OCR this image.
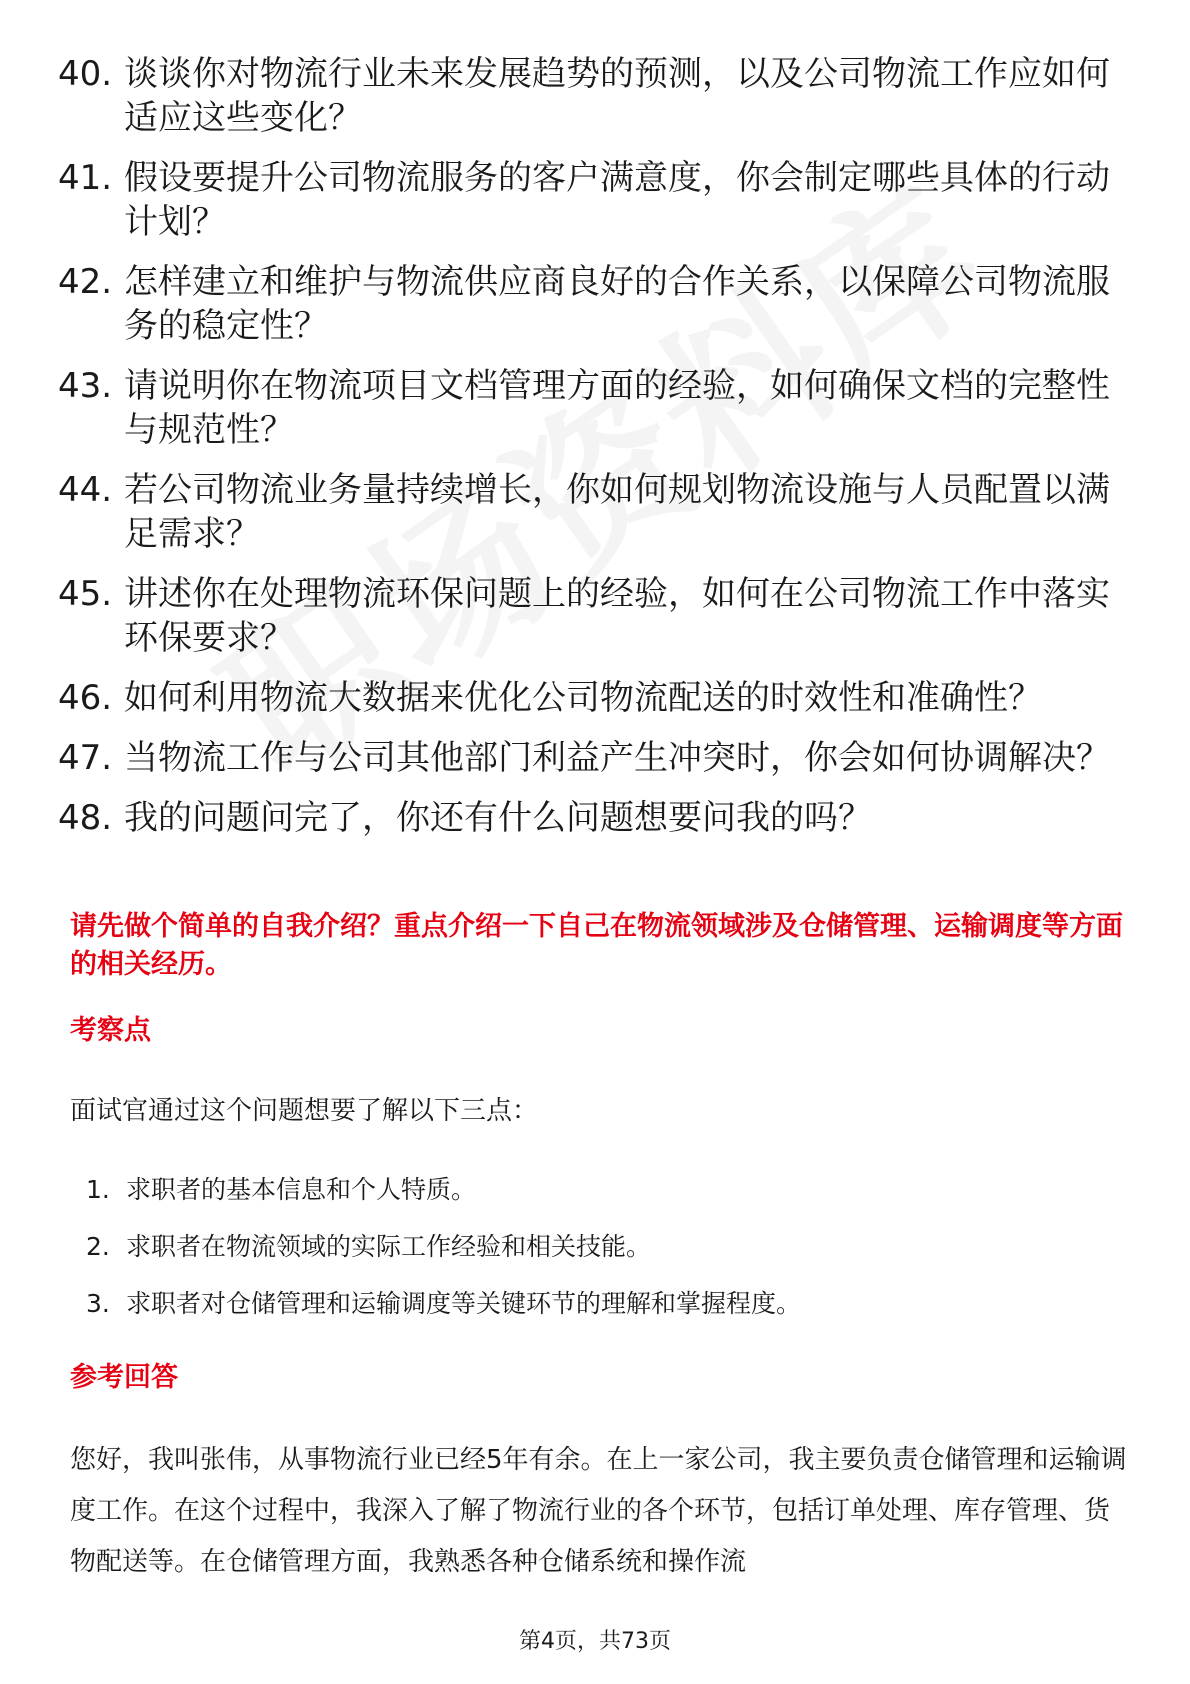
40. 谈谈你对物流行业未来发展趋势的预测，以及公司物流工作应如何适应这些变化？
41. 假设要提升公司物流服务的客户满意度，你会制定哪些具体的行动计划？
42. 怎样建立和维护与物流供应商良好的合作关系，以保障公司物流服务的稳定性？
43. 请说明你在物流项目文档管理方面的经验，如何确保文档的完整性与规范性？
44. 若公司物流业务量持续增长，你如何规划物流设施与人员配置以满足需求？
45. 讲述你在处理物流环保问题上的经验，如何在公司物流工作中落实环保要求？
46. 如何利用物流大数据来优化公司物流配送的时效性和准确性？
47. 当物流工作与公司其他部门利益产生冲突时，你会如何协调解决？
48. 我的问题问完了，你还有什么问题想要问我的吗？
请先做个简单的自我介绍？重点介绍一下自己在物流领域涉及仓储管理、运输调度等方面的相关经历。
考察点
面试官通过这个问题想要了解以下三点：
1. 求职者的基本信息和个人特质。
2. 求职者在物流领域的实际工作经验和相关技能。
3. 求职者对仓储管理和运输调度等关键环节的理解和掌握程度。
参考回答
您好，我叫张伟，从事物流行业已经5年有余。在上一家公司，我主要负责仓储管理和运输调度工作。在这个过程中，我深入了解了物流行业的各个环节，包括订单处理、库存管理、货物配送等。在仓储管理方面，我熟悉各种仓储系统和操作流
第4页，共73页
